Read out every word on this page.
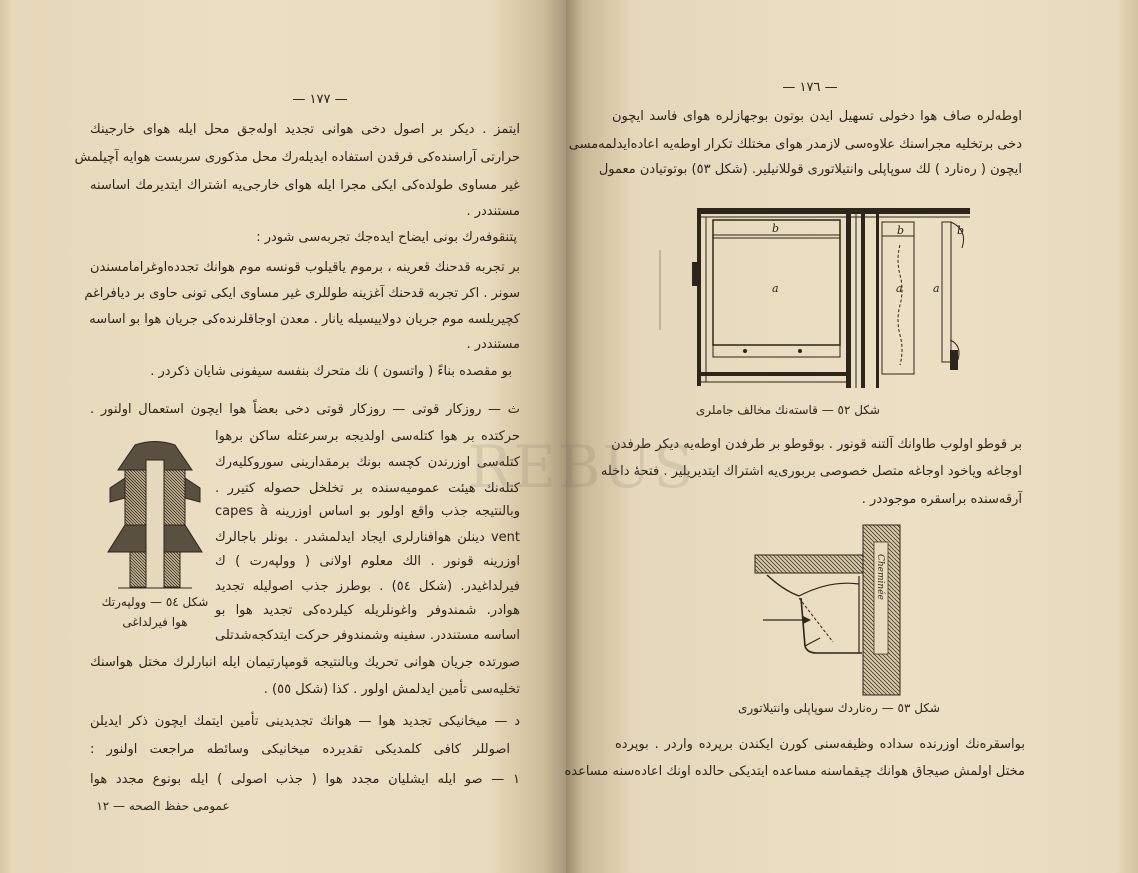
— ١٧٧ —
ایتمز . دیکر بر اصول دخی هوانی تجدید اوله‌جق محل ایله هوای خارجینك
حرارتی آراسنده‌کی فرقدن استفاده ایدیله‌رك محل مذکوری سربست هوایه آچیلمش
غیر مساوی طولده‌کی ایکی مجرا ایله هوای خارجی‌یه اشتراك ایتدیرمك اساسنه
مستنددر .
پتنقوفه‌رك بونی ایضاح ایده‌جك تجربه‌سی شودر :
بر تجربه قدحنك قعرینه ، برموم یاقیلوب قونسه موم هوانك تجدده‌اوغرامامسندن
سونر . اکر تجربه قدحنك آغزینه طوللری غیر مساوی ایکی تونی حاوی بر دیافراغم
کچیریلسه موم جریان دولاییسیله یانار . معدن اوجاقلرنده‌کی جریان هوا بو اساسه
مستنددر .
بو مقصده بناءً ( واتسون ) نك متحرك بنفسه سیفونی شایان ذکردر .
ث — روزکار قوتی — روزکار قوتی دخی بعضاً هوا ایچون استعمال اولنور .
حرکتده بر هوا کتله‌سی اولدیجه برسرعتله ساکن برهوا
کتله‌سی اوزرندن کچسه بونك برمقدارینی سوروکلیه‌رك
کتله‌نك هیئت عمومیه‌سنده بر تخلخل حصوله کتیرر .
وبالنتیجه جذب واقع اولور بو اساس اوزرینه capes à
vent دینلن هوافنارلری ایجاد ایدلمشدر . بونلر باجالرك
اوزرینه قونور . الك معلوم اولانی ( وولپه‌رت ) ك
فیرلداغیدر. (شکل ٥٤) . بوطرز جذب اصولیله تجدید
هوادر. شمندوفر واغونلریله کیلرده‌کی تجدید هوا بو
اساسه مستنددر. سفینه وشمندوفر حرکت ایتدکجه‌شدتلی
صورتده جریان هوانی تحریك وبالنتیجه قومپارتیمان ایله انبارلرك مختل هواسنك
تخلیه‌سی تأمین ایدلمش اولور . کذا (شکل ٥٥) .
د — میخانیکی تجدید هوا — هوانك تجدیدینی تأمین ایتمك ایچون ذکر ایدیلن
اصوللر کافی کلمدیکی تقدیرده میخانیکی وسائطه مراجعت اولنور :
١ — صو ایله ایشلیان مجدد هوا ( جذب اصولی ) ایله بونوع مجدد هوا
عمومی حفظ الصحه — ١٢
شکل ٥٤ — وولپه‌رتك
هوا فیرلداغی
— ١٧٦ —
اوطه‌لره صاف هوا دخولی تسهیل ایدن بوتون بوجهازلره هوای فاسد ایچون
دخی برتخلیه مجراسنك علاوه‌سی لازمدر هوای مختلك تکرار اوطه‌یه اعاده‌ایدلمه‌مسی
ایچون ( ره‌نارد ) لك سوپاپلی وانتیلاتوری قوللانیلیر. (شکل ٥٣) بوتوتیادن معمول
b
a
b
a	a
b
شکل ٥٢ — قاسته‌نك مخالف جاملری
بر قوطو اولوب طاوانك آلتنه قونور . بوقوطو بر طرفدن اوطه‌یه دیکر طرفدن
اوجاغه ویاخود اوجاغه متصل خصوصی بربوری‌یه اشتراك ایتدیریلیر . فتحهٔ داخله
آرقه‌سنده براسقره موجوددر .
Cheminée
شکل ٥٣ — ره‌ناردك سوپاپلی وانتیلاتوری
بواسقره‌نك اوزرنده سداده وظیفه‌سنی کورن ایکندن برپرده واردر . بوپرده
مختل اولمش صیجاق هوانك چیقماسنه مساعده ایتدیکی حالده اونك اعاده‌سنه مساعده
REBUS
